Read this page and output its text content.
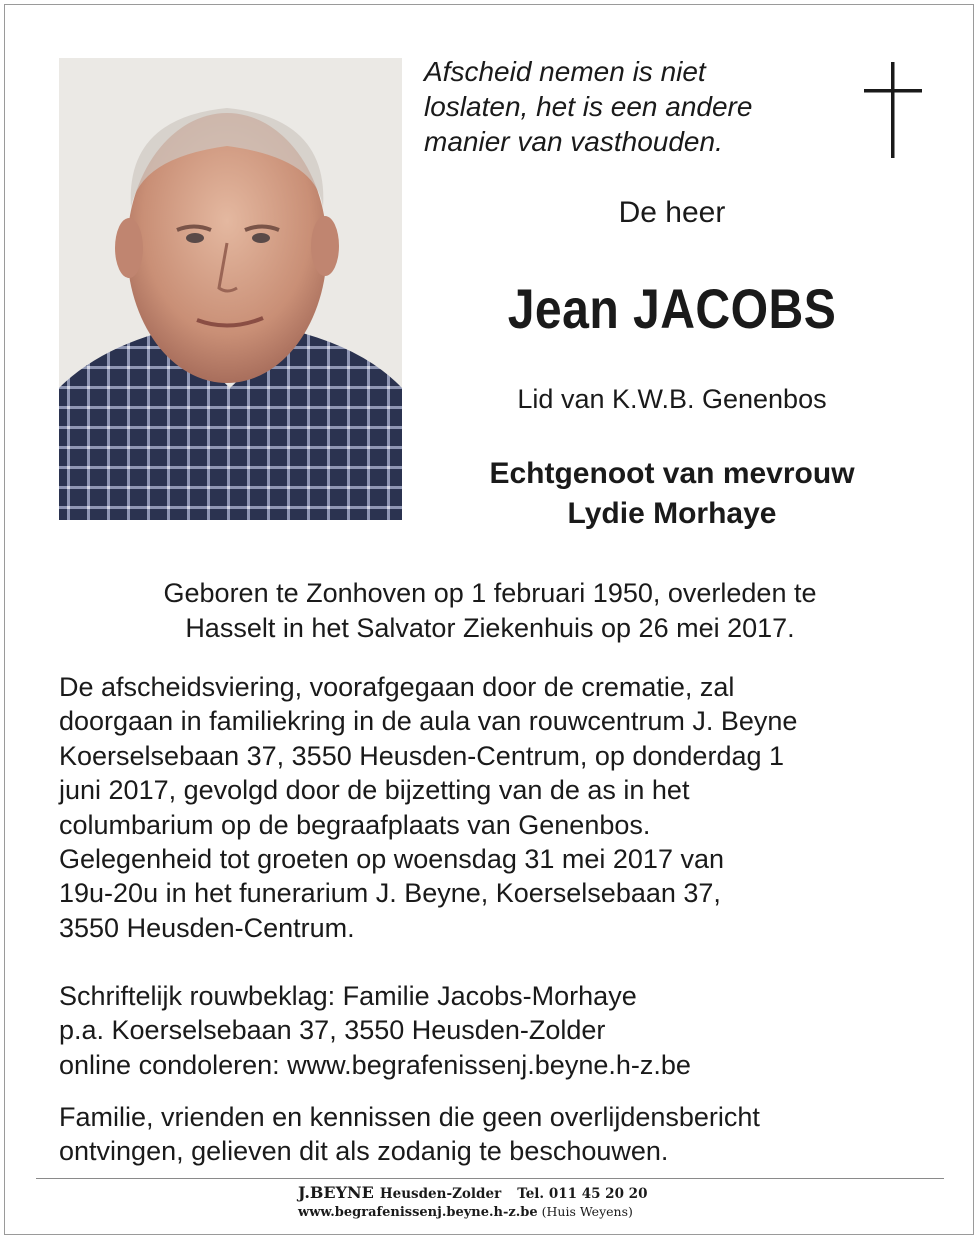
Afscheid nemen is niet
loslaten, het is een andere
manier van vasthouden.
De heer
Jean JACOBS
Lid van K.W.B. Genenbos
Echtgenoot van mevrouw
Lydie Morhaye
Geboren te Zonhoven op 1 februari 1950, overleden te
Hasselt in het Salvator Ziekenhuis op 26 mei 2017.
De afscheidsviering, voorafgegaan door de crematie, zal
doorgaan in familiekring in de aula van rouwcentrum J. Beyne
Koerselsebaan 37, 3550 Heusden-Centrum, op donderdag 1
juni 2017, gevolgd door de bijzetting van de as in het
columbarium op de begraafplaats van Genenbos.
Gelegenheid tot groeten op woensdag 31 mei 2017 van
19u-20u in het funerarium J. Beyne, Koerselsebaan 37,
3550 Heusden-Centrum.
Schriftelijk rouwbeklag: Familie Jacobs-Morhaye
p.a. Koerselsebaan 37, 3550 Heusden-Zolder
online condoleren: www.begrafenissenj.beyne.h-z.be
Familie, vrienden en kennissen die geen overlijdensbericht
ontvingen, gelieven dit als zodanig te beschouwen.
J.BEYNE Heusden-Zolder Tel. 011 45 20 20
www.begrafenissenj.beyne.h-z.be (Huis Weyens)
